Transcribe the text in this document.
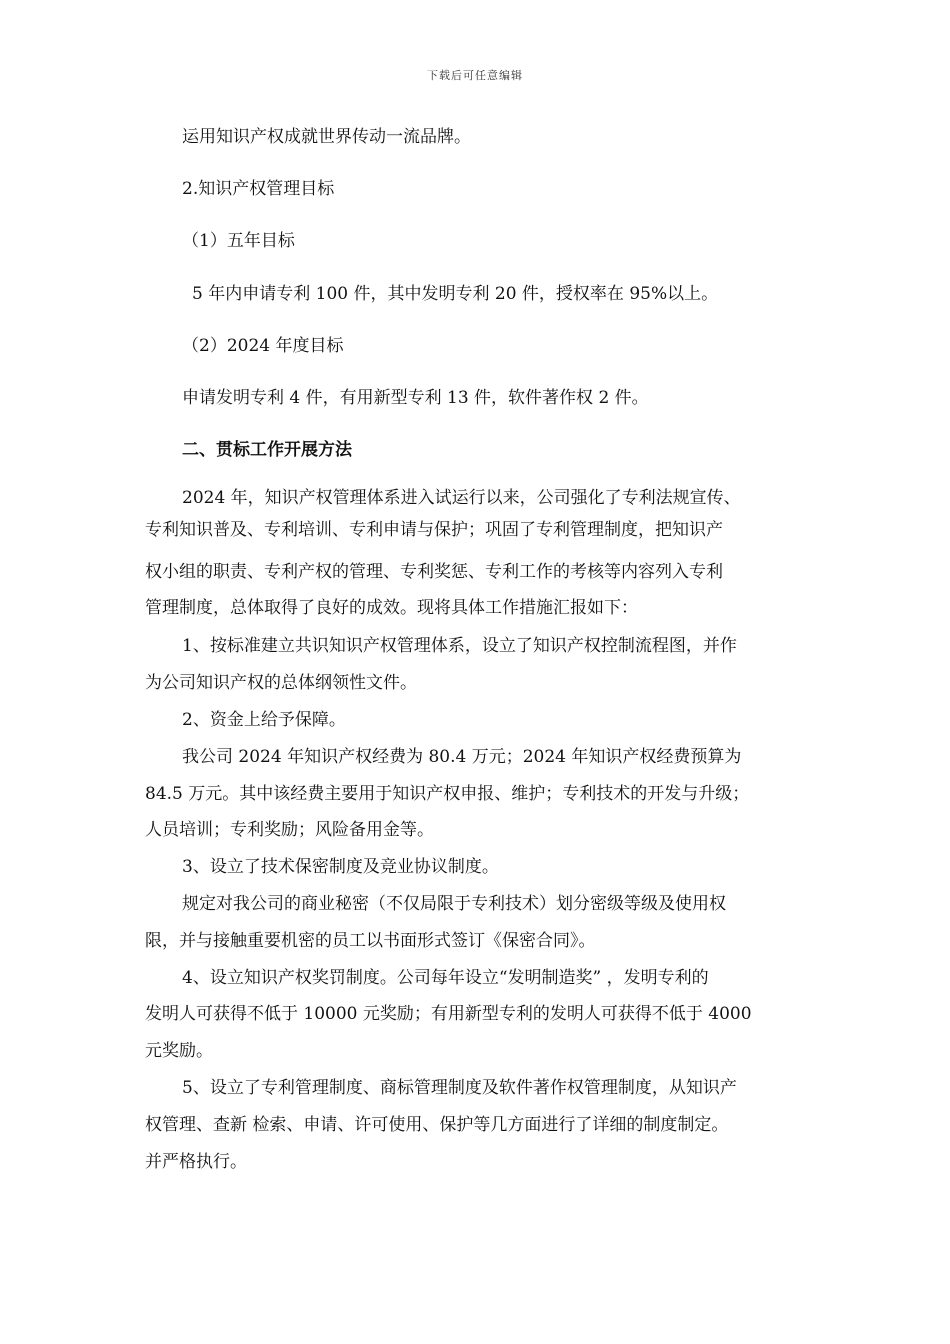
下载后可任意编辑
运用知识产权成就世界传动一流品牌。
2.知识产权管理目标
（1）五年目标
5 年内申请专利 100 件，其中发明专利 20 件，授权率在 95%以上。
（2）2024 年度目标
申请发明专利 4 件，有用新型专利 13 件，软件著作权 2 件。
二、贯标工作开展方法
2024 年，知识产权管理体系进入试运行以来，公司强化了专利法规宣传、
专利知识普及、专利培训、专利申请与保护；巩固了专利管理制度，把知识产
权小组的职责、专利产权的管理、专利奖惩、专利工作的考核等内容列入专利
管理制度，总体取得了良好的成效。现将具体工作措施汇报如下：
1、按标准建立共识知识产权管理体系，设立了知识产权控制流程图，并作
为公司知识产权的总体纲领性文件。
2、资金上给予保障。
我公司 2024 年知识产权经费为 80.4 万元；2024 年知识产权经费预算为
84.5 万元。其中该经费主要用于知识产权申报、维护；专利技术的开发与升级；
人员培训；专利奖励；风险备用金等。
3、设立了技术保密制度及竞业协议制度。
规定对我公司的商业秘密（不仅局限于专利技术）划分密级等级及使用权
限，并与接触重要机密的员工以书面形式签订《保密合同》。
4、设立知识产权奖罚制度。公司每年设立“发明制造奖” ，发明专利的
发明人可获得不低于 10000 元奖励；有用新型专利的发明人可获得不低于 4000
元奖励。
5、设立了专利管理制度、商标管理制度及软件著作权管理制度，从知识产
权管理、查新 检索、申请、许可使用、保护等几方面进行了详细的制度制定。
并严格执行。
